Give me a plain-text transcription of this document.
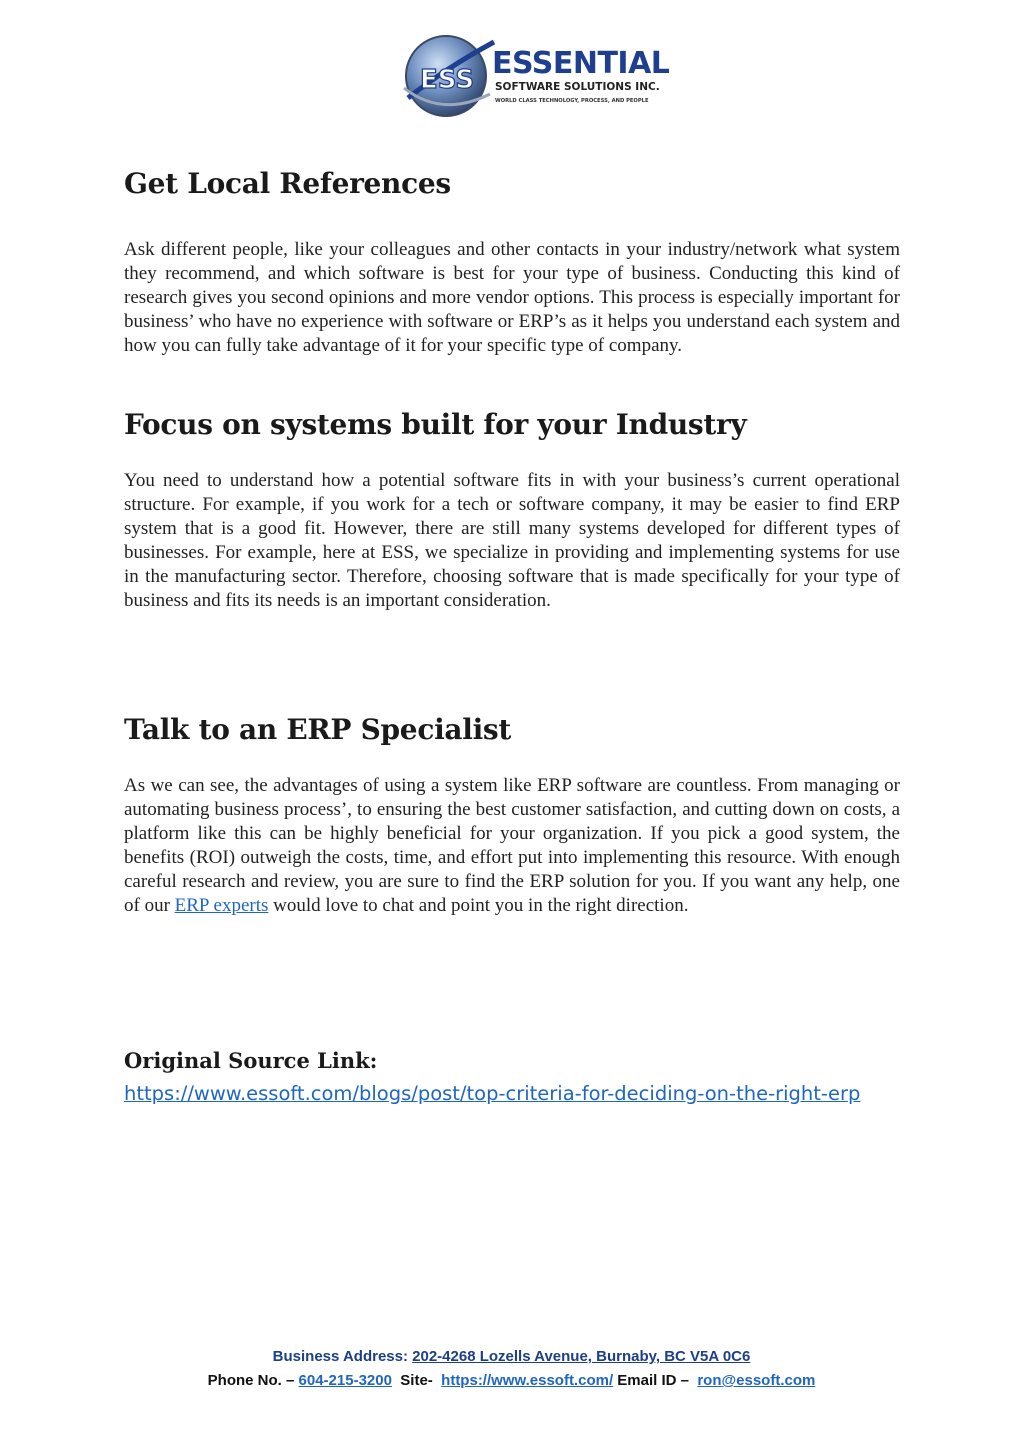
ESS ESSENTIAL
SOFTWARE SOLUTIONS INC.
WORLD CLASS TECHNOLOGY, PROCESS, AND PEOPLE
Get Local References

Ask different people, like your colleagues and other contacts in your industry/network what system they recommend, and which software is best for your type of business. Conducting this kind of research gives you second opinions and more vendor options. This process is especially important for business’ who have no experience with software or ERP’s as it helps you understand each system and how you can fully take advantage of it for your specific type of company.

Focus on systems built for your Industry

You need to understand how a potential software fits in with your business’s current operational structure. For example, if you work for a tech or software company, it may be easier to find ERP system that is a good fit. However, there are still many systems developed for different types of businesses. For example, here at ESS, we specialize in providing and implementing systems for use in the manufacturing sector. Therefore, choosing software that is made specifically for your type of business and fits its needs is an important consideration.

Talk to an ERP Specialist

As we can see, the advantages of using a system like ERP software are countless. From managing or automating business process’, to ensuring the best customer satisfaction, and cutting down on costs, a platform like this can be highly beneficial for your organization. If you pick a good system, the benefits (ROI) outweigh the costs, time, and effort put into implementing this resource. With enough careful research and review, you are sure to find the ERP solution for you. If you want any help, one of our ERP experts would love to chat and point you in the right direction.

Original Source Link:
https://www.essoft.com/blogs/post/top-criteria-for-deciding-on-the-right-erp
Business Address: 202-4268 Lozells Avenue, Burnaby, BC V5A 0C6
Phone No. – 604-215-3200 Site- https://www.essoft.com/ Email ID – ron@essoft.com
